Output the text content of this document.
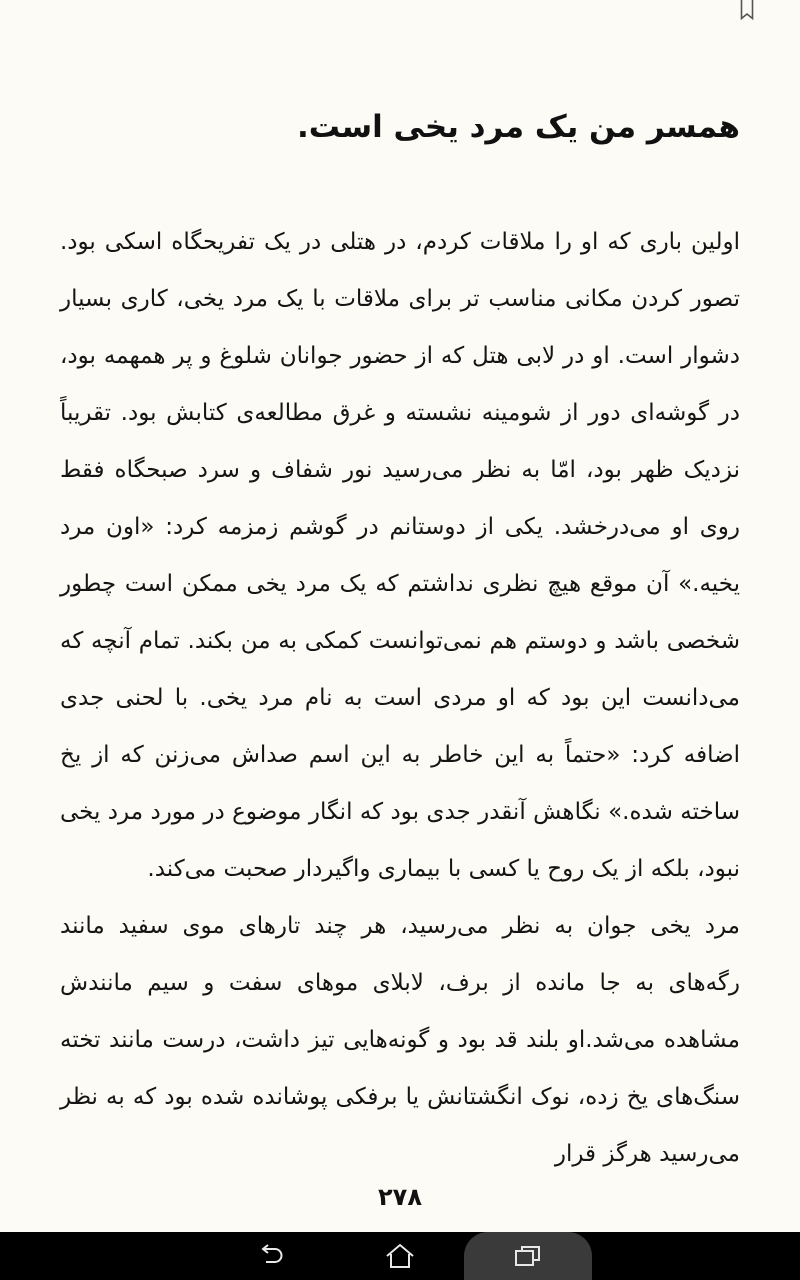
همسر من یک مرد یخی است.

اولین باری که او را ملاقات کردم، در هتلی در یک تفریحگاه اسکی بود. تصور کردن مکانی مناسب تر برای ملاقات با یک مرد یخی، کاری بسیار دشوار است. او در لابی هتل که از حضور جوانان شلوغ و پر همهمه بود، در گوشه‌ای دور از شومینه نشسته و غرق مطالعه‌ی کتابش بود. تقریباً نزدیک ظهر بود، امّا به نظر می‌رسید نور شفاف و سرد صبحگاه فقط روی او می‌درخشد. یکی از دوستانم در گوشم زمزمه کرد: «اون مرد یخیه.» آن موقع هیچ نظری نداشتم که یک مرد یخی ممکن است چطور شخصی باشد و دوستم هم نمی‌توانست کمکی به من بکند. تمام آنچه که می‌دانست این بود که او مردی است به نام مرد یخی. با لحنی جدی اضافه کرد: «حتماً به این خاطر به این اسم صداش می‌زنن که از یخ ساخته شده.» نگاهش آنقدر جدی بود که انگار موضوع در مورد مرد یخی نبود، بلکه از یک روح یا کسی با بیماری واگیردار صحبت می‌کند.

مرد یخی جوان به نظر می‌رسید، هر چند تارهای موی سفید مانند رگه‌های به جا مانده از برف، لابلای موهای سفت و سیم مانندش مشاهده می‌شد.او بلند قد بود و گونه‌هایی تیز داشت، درست مانند تخته سنگ‌های یخ زده، نوک انگشتانش یا برفکی پوشانده شده بود که به نظر می‌رسید هرگز قرار

۲۷۸
